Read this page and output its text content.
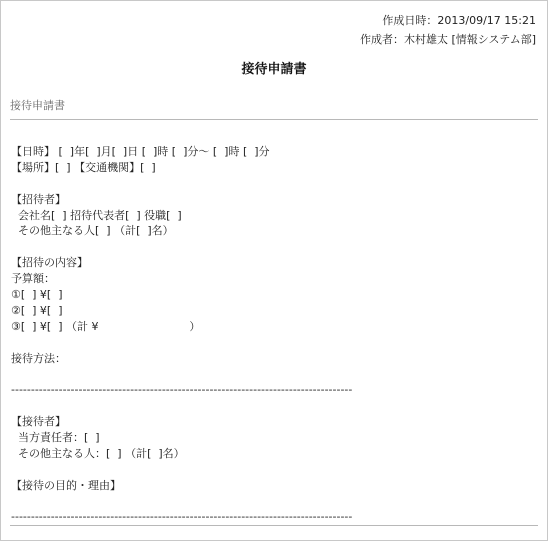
作成日時：2013/09/17 15:21
作成者：木村雄太 [情報システム部]
接待申請書
接待申請書
【日時】 [  ]年[  ]月[  ]日 [  ]時 [  ]分～ [  ]時 [  ]分
【場所】[  ] 【交通機関】[  ]
【招待者】
会社名[  ] 招待代表者[  ] 役職[  ]
その他主なる人[  ] （計[  ]名）
【招待の内容】
予算額：
①[  ] ¥[  ]
②[  ] ¥[  ]
③[  ] ¥[  ] （計 ¥                          ）
接待方法：
--------------------------------------------------------------------------------------
【接待者】
当方責任者：[  ]
その他主なる人：[  ] （計[  ]名）
【接待の目的・理由】
--------------------------------------------------------------------------------------
